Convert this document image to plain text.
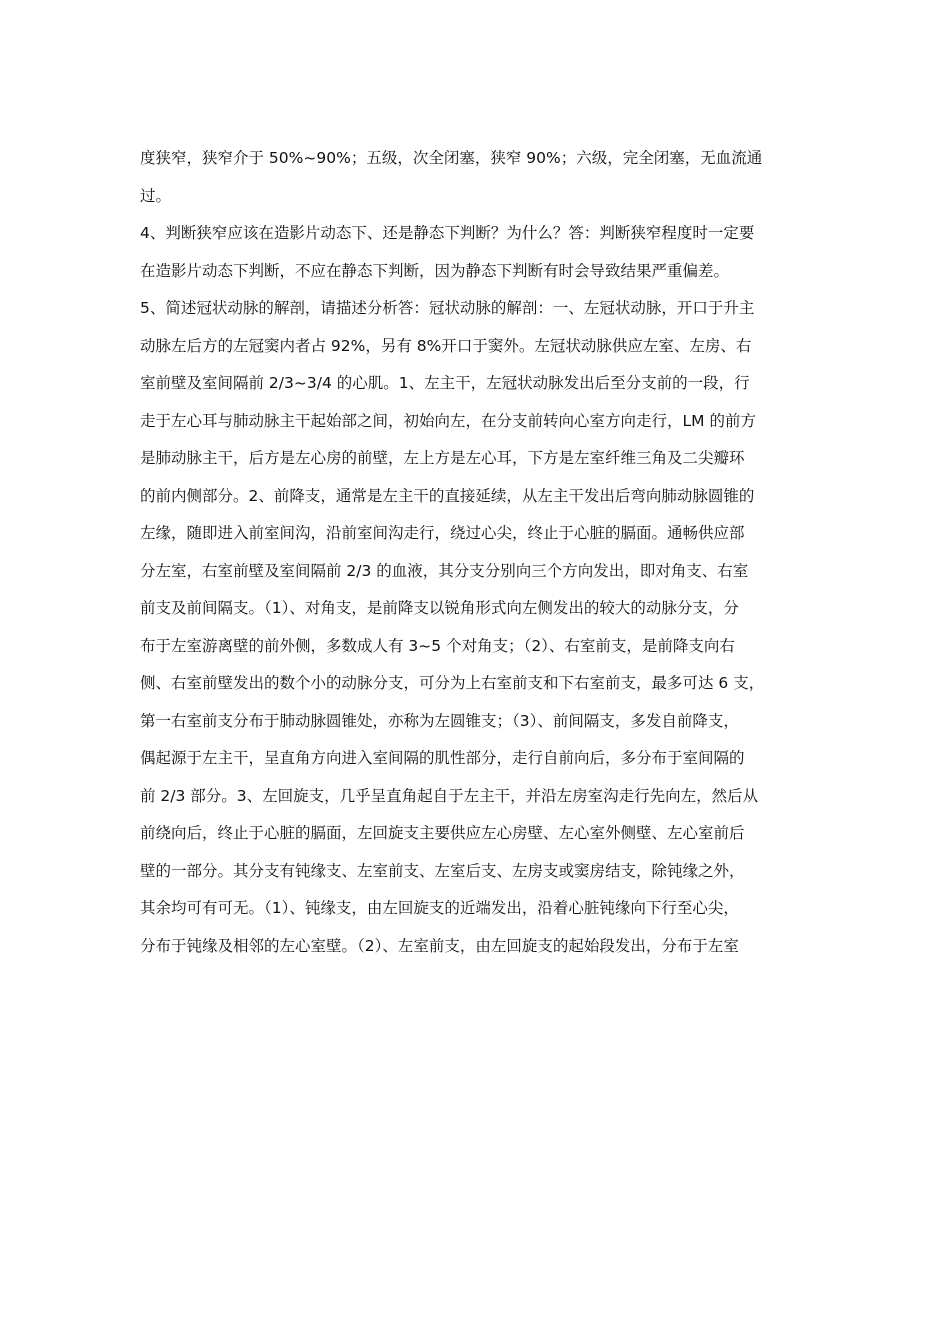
度狭窄，狭窄介于 50%~90%；五级，次全闭塞，狭窄 90%；六级，完全闭塞，无血流通
过。
4、判断狭窄应该在造影片动态下、还是静态下判断？为什么？答：判断狭窄程度时一定要
在造影片动态下判断，不应在静态下判断，因为静态下判断有时会导致结果严重偏差。
5、简述冠状动脉的解剖，请描述分析答：冠状动脉的解剖：一、左冠状动脉，开口于升主
动脉左后方的左冠窦内者占 92%，另有 8%开口于窦外。左冠状动脉供应左室、左房、右
室前壁及室间隔前 2/3~3/4 的心肌。1、左主干，左冠状动脉发出后至分支前的一段，行
走于左心耳与肺动脉主干起始部之间，初始向左，在分支前转向心室方向走行，LM 的前方
是肺动脉主干，后方是左心房的前壁，左上方是左心耳，下方是左室纤维三角及二尖瓣环
的前内侧部分。2、前降支，通常是左主干的直接延续，从左主干发出后弯向肺动脉圆锥的
左缘，随即进入前室间沟，沿前室间沟走行，绕过心尖，终止于心脏的膈面。通畅供应部
分左室，右室前壁及室间隔前 2/3 的血液，其分支分别向三个方向发出，即对角支、右室
前支及前间隔支。（1）、对角支，是前降支以锐角形式向左侧发出的较大的动脉分支，分
布于左室游离壁的前外侧，多数成人有 3~5 个对角支；（2）、右室前支，是前降支向右
侧、右室前壁发出的数个小的动脉分支，可分为上右室前支和下右室前支，最多可达 6 支，
第一右室前支分布于肺动脉圆锥处，亦称为左圆锥支；（3）、前间隔支，多发自前降支，
偶起源于左主干，呈直角方向进入室间隔的肌性部分，走行自前向后，多分布于室间隔的
前 2/3 部分。3、左回旋支，几乎呈直角起自于左主干，并沿左房室沟走行先向左，然后从
前绕向后，终止于心脏的膈面，左回旋支主要供应左心房壁、左心室外侧壁、左心室前后
壁的一部分。其分支有钝缘支、左室前支、左室后支、左房支或窦房结支，除钝缘之外，
其余均可有可无。（1）、钝缘支，由左回旋支的近端发出，沿着心脏钝缘向下行至心尖，
分布于钝缘及相邻的左心室壁。（2）、左室前支，由左回旋支的起始段发出，分布于左室
